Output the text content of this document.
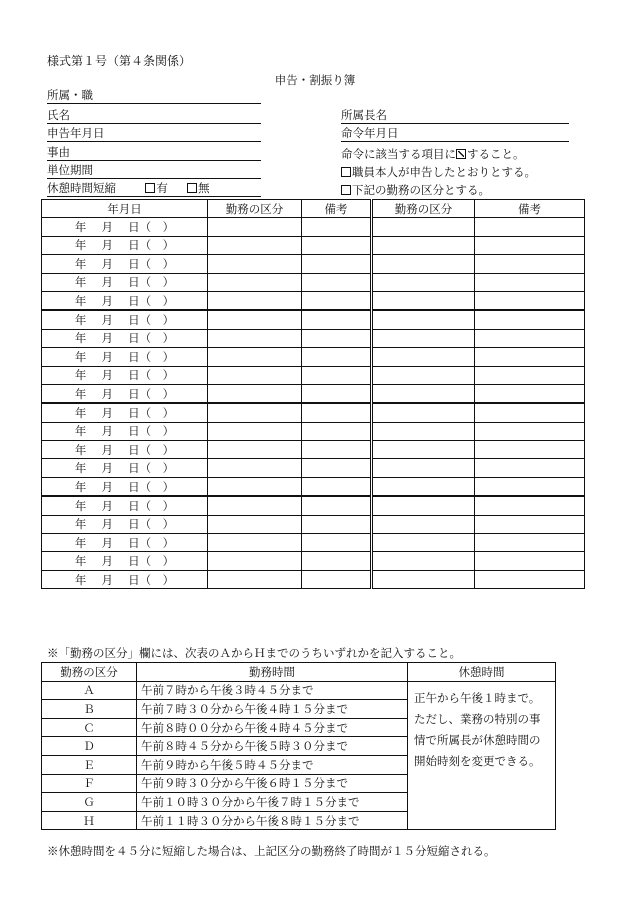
様式第１号（第４条関係）
申告・割振り簿
所属・職
氏名
申告年月日
事由
単位期間
休憩時間短縮	有	無
所属長名
命令年月日
命令に該当する項目に すること。
職員本人が申告したとおりとする。
下記の勤務の区分とする。
年月日	勤務の区分	備考	勤務の区分	備考
年　 月　 日（　）				
年　 月　 日（　）				
年　 月　 日（　）				
年　 月　 日（　）				
年　 月　 日（　）				
年　 月　 日（　）				
年　 月　 日（　）				
年　 月　 日（　）				
年　 月　 日（　）				
年　 月　 日（　）				
年　 月　 日（　）				
年　 月　 日（　）				
年　 月　 日（　）				
年　 月　 日（　）				
年　 月　 日（　）				
年　 月　 日（　）				
年　 月　 日（　）				
年　 月　 日（　）				
年　 月　 日（　）				
年　 月　 日（　）				
※「勤務の区分」欄には、次表のＡからＨまでのうちいずれかを記入すること。
勤務の区分	勤務時間	休憩時間
Ａ	午前７時から午後３時４５分まで	正午から午後１時まで。ただし、業務の特別の事情で所属長が休憩時間の開始時刻を変更できる。
Ｂ	午前７時３０分から午後４時１５分まで	
Ｃ	午前８時００分から午後４時４５分まで	
Ｄ	午前８時４５分から午後５時３０分まで	
Ｅ	午前９時から午後５時４５分まで	
Ｆ	午前９時３０分から午後６時１５分まで	
Ｇ	午前１０時３０分から午後７時１５分まで	
Ｈ	午前１１時３０分から午後８時１５分まで	
※休憩時間を４５分に短縮した場合は、上記区分の勤務終了時間が１５分短縮される。
